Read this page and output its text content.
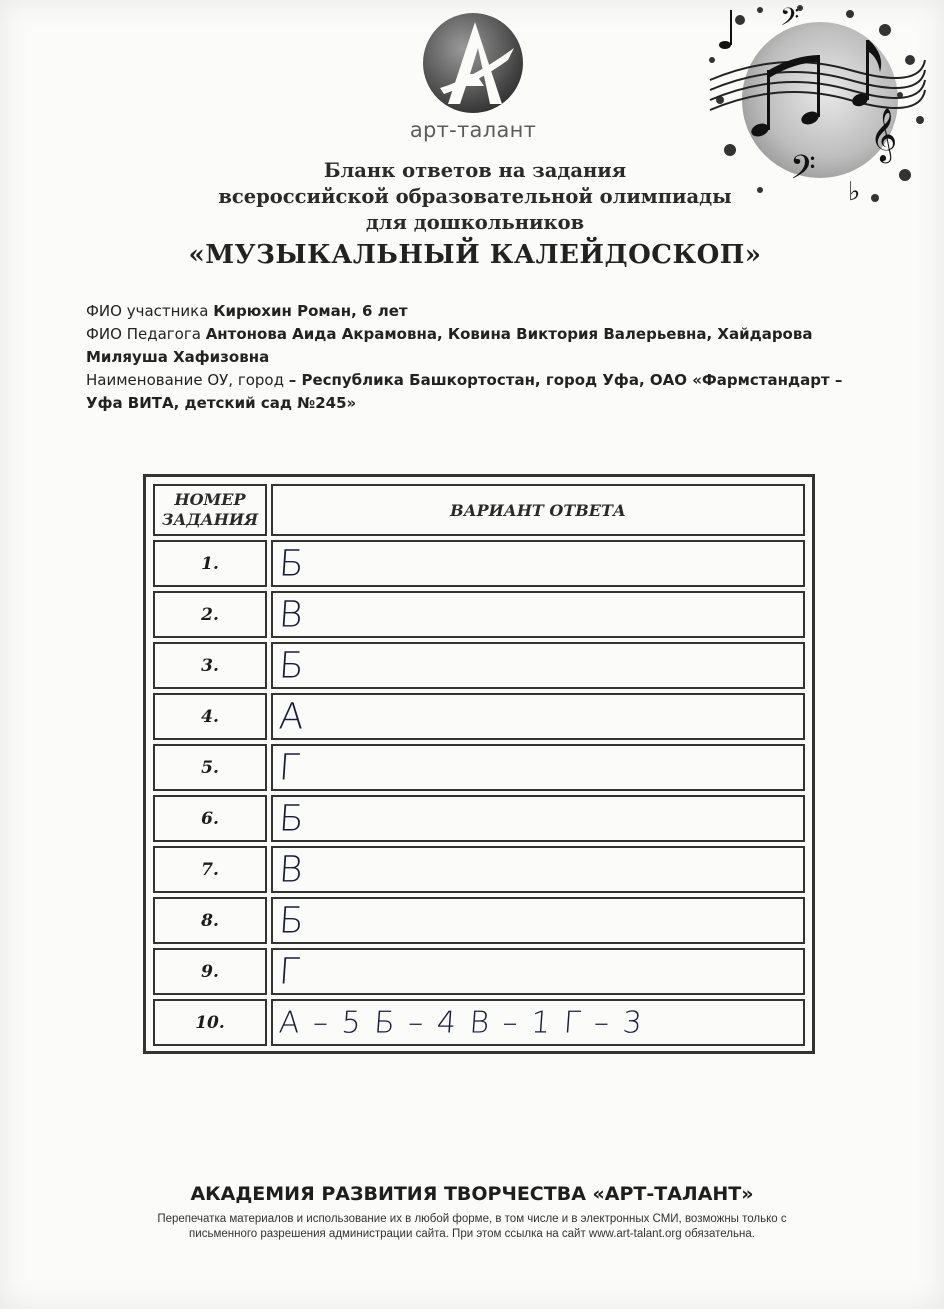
арт-талант	𝄞
𝄢 ♭
𝄢
Бланк ответов на задания
всероссийской образовательной олимпиады
для дошкольников
«МУЗЫКАЛЬНЫЙ КАЛЕЙДОСКОП»
ФИО участника Кирюхин Роман, 6 лет
ФИО Педагога Антонова Аида Акрамовна, Ковина Виктория Валерьевна, Хайдарова
Миляуша Хафизовна
Наименование ОУ, город – Республика Башкортостан, город Уфа, ОАО «Фармстандарт –
Уфа ВИТА, детский сад №245»
НОМЕР
ЗАДАНИЯ	ВАРИАНТ ОТВЕТА
1.	Б

2.	В

3.	Б

4.	А

5.	Г

6.	Б

7.	В

8.	Б

9.	Г

10.	А – 5 Б – 4 В – 1 Г – 3
АКАДЕМИЯ РАЗВИТИЯ ТВОРЧЕСТВА «АРТ-ТАЛАНТ»
Перепечатка материалов и использование их в любой форме, в том числе и в электронных СМИ, возможны только с
письменного разрешения администрации сайта. При этом ссылка на сайт www.art-talant.org обязательна.
